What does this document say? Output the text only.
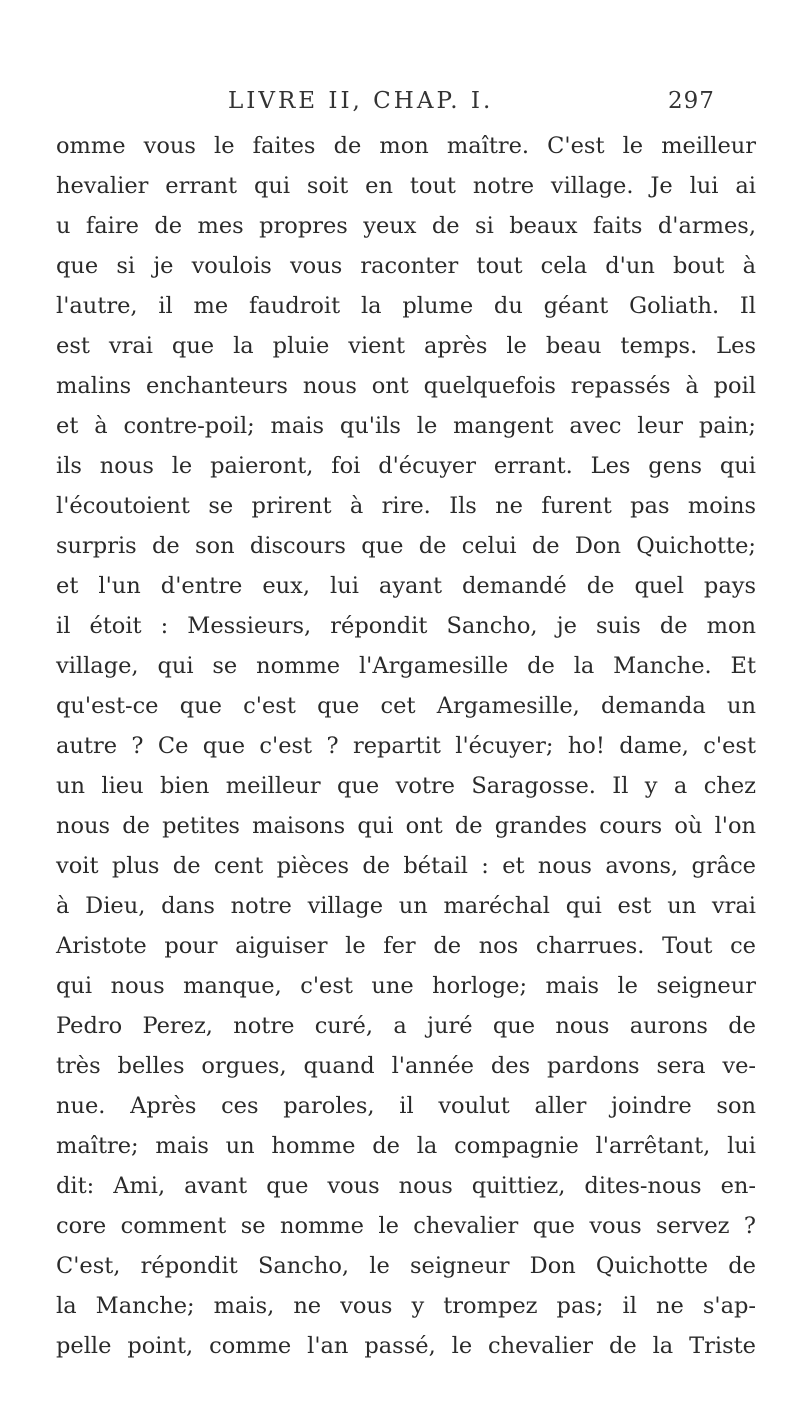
LIVRE II, CHAP. I.	297
omme vous le faites de mon maître. C'est le meilleur
hevalier errant qui soit en tout notre village. Je lui ai
u faire de mes propres yeux de si beaux faits d'armes,
que si je voulois vous raconter tout cela d'un bout à
l'autre, il me faudroit la plume du géant Goliath. Il
est vrai que la pluie vient après le beau temps. Les
malins enchanteurs nous ont quelquefois repassés à poil
et à contre-poil; mais qu'ils le mangent avec leur pain;
ils nous le paieront, foi d'écuyer errant. Les gens qui
l'écoutoient se prirent à rire. Ils ne furent pas moins
surpris de son discours que de celui de Don Quichotte;
et l'un d'entre eux, lui ayant demandé de quel pays
il étoit : Messieurs, répondit Sancho, je suis de mon
village, qui se nomme l'Argamesille de la Manche. Et
qu'est-ce que c'est que cet Argamesille, demanda un
autre ? Ce que c'est ? repartit l'écuyer; ho! dame, c'est
un lieu bien meilleur que votre Saragosse. Il y a chez
nous de petites maisons qui ont de grandes cours où l'on
voit plus de cent pièces de bétail : et nous avons, grâce
à Dieu, dans notre village un maréchal qui est un vrai
Aristote pour aiguiser le fer de nos charrues. Tout ce
qui nous manque, c'est une horloge; mais le seigneur
Pedro Perez, notre curé, a juré que nous aurons de
très belles orgues, quand l'année des pardons sera ve-
nue. Après ces paroles, il voulut aller joindre son
maître; mais un homme de la compagnie l'arrêtant, lui
dit: Ami, avant que vous nous quittiez, dites-nous en-
core comment se nomme le chevalier que vous servez ?
C'est, répondit Sancho, le seigneur Don Quichotte de
la Manche; mais, ne vous y trompez pas; il ne s'ap-
pelle point, comme l'an passé, le chevalier de la Triste
